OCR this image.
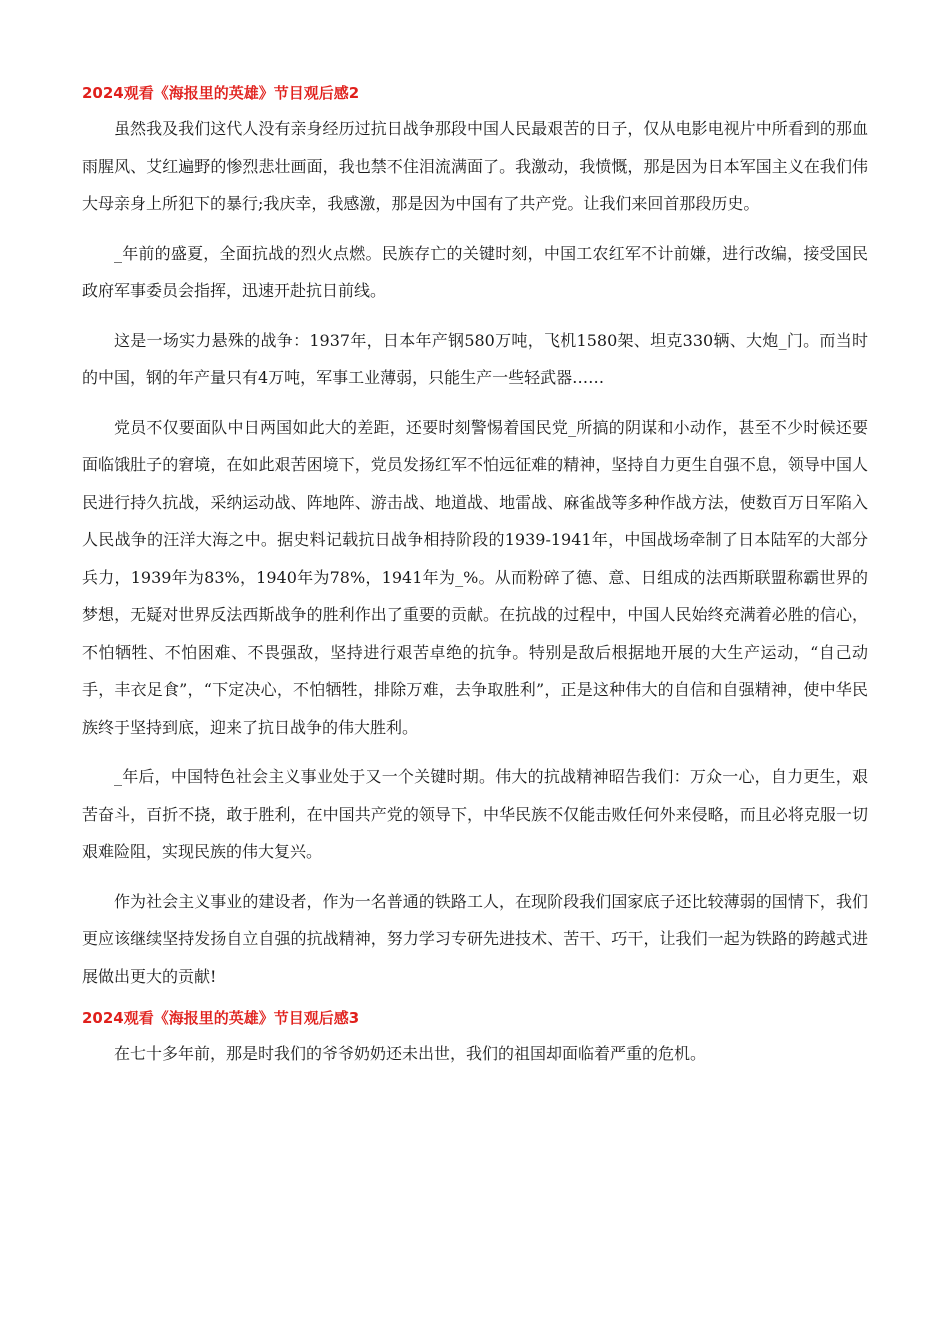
2024观看《海报里的英雄》节目观后感2

虽然我及我们这代人没有亲身经历过抗日战争那段中国人民最艰苦的日子，仅从电影电视片中所看到的那血雨腥风、艾红遍野的惨烈悲壮画面，我也禁不住泪流满面了。我激动，我愤慨，那是因为日本军国主义在我们伟大母亲身上所犯下的暴行;我庆幸，我感激，那是因为中国有了共产党。让我们来回首那段历史。

_年前的盛夏，全面抗战的烈火点燃。民族存亡的关键时刻，中国工农红军不计前嫌，进行改编，接受国民政府军事委员会指挥，迅速开赴抗日前线。

这是一场实力悬殊的战争：1937年，日本年产钢580万吨，飞机1580架、坦克330辆、大炮_门。而当时的中国，钢的年产量只有4万吨，军事工业薄弱，只能生产一些轻武器……

党员不仅要面队中日两国如此大的差距，还要时刻警惕着国民党_所搞的阴谋和小动作，甚至不少时候还要面临饿肚子的窘境，在如此艰苦困境下，党员发扬红军不怕远征难的精神，坚持自力更生自强不息，领导中国人民进行持久抗战，采纳运动战、阵地阵、游击战、地道战、地雷战、麻雀战等多种作战方法，使数百万日军陷入人民战争的汪洋大海之中。据史料记载抗日战争相持阶段的1939-1941年，中国战场牵制了日本陆军的大部分兵力，1939年为83%，1940年为78%，1941年为_%。从而粉碎了德、意、日组成的法西斯联盟称霸世界的梦想，无疑对世界反法西斯战争的胜利作出了重要的贡献。在抗战的过程中，中国人民始终充满着必胜的信心，不怕牺牲、不怕困难、不畏强敌，坚持进行艰苦卓绝的抗争。特别是敌后根据地开展的大生产运动，“自己动手，丰衣足食”，“下定决心，不怕牺牲，排除万难，去争取胜利”，正是这种伟大的自信和自强精神，使中华民族终于坚持到底，迎来了抗日战争的伟大胜利。

_年后，中国特色社会主义事业处于又一个关键时期。伟大的抗战精神昭告我们：万众一心，自力更生，艰苦奋斗，百折不挠，敢于胜利，在中国共产党的领导下，中华民族不仅能击败任何外来侵略，而且必将克服一切艰难险阻，实现民族的伟大复兴。

作为社会主义事业的建设者，作为一名普通的铁路工人，在现阶段我们国家底子还比较薄弱的国情下，我们更应该继续坚持发扬自立自强的抗战精神，努力学习专研先进技术、苦干、巧干，让我们一起为铁路的跨越式进展做出更大的贡献!

2024观看《海报里的英雄》节目观后感3

在七十多年前，那是时我们的爷爷奶奶还未出世，我们的祖国却面临着严重的危机。
